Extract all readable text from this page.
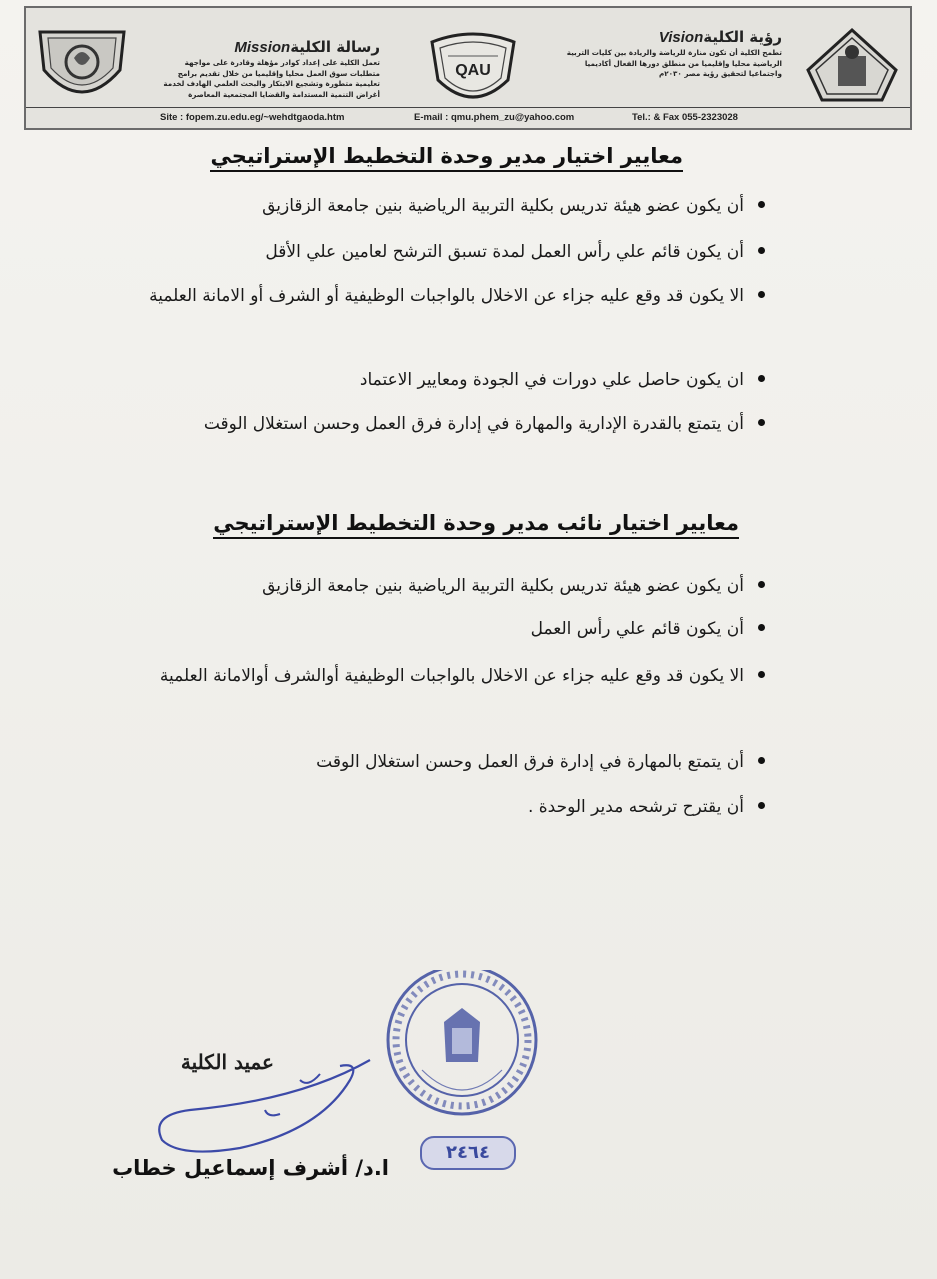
رؤية الكليةVision
تطمح الكلية أن تكون منارة للرياضة والريادة بين كليات التربية الرياضية محليا وإقليميا من منطلق دورها الفعال أكاديميا واجتماعيا لتحقيق رؤية مصر ٢٠٣٠م
QAU
رسالة الكليةMission
تعمل الكلية على إعداد كوادر مؤهلة وقادرة على مواجهة متطلبات سوق العمل محليا وإقليميا من خلال تقديم برامج تعليمية متطورة وتشجيع الابتكار والبحث العلمي الهادف لخدمة أغراض التنمية المستدامة والقضايا المجتمعية المعاصرة
Site : fopem.zu.edu.eg/~wehdtgaoda.htm	E-mail : qmu.phem_zu@yahoo.com	Tel.: & Fax 055-2323028
معايير اختيار مدير وحدة التخطيط الإستراتيجي
أن يكون عضو هيئة تدريس بكلية التربية الرياضية بنين جامعة الزقازيق
أن يكون قائم علي رأس العمل لمدة تسبق الترشح لعامين علي الأقل
الا يكون قد وقع عليه جزاء عن الاخلال بالواجبات الوظيفية أو الشرف أو الامانة العلمية
ان يكون حاصل علي دورات في الجودة ومعايير الاعتماد
أن يتمتع بالقدرة الإدارية والمهارة في إدارة فرق العمل وحسن استغلال الوقت
معايير اختيار نائب مدير وحدة التخطيط الإستراتيجي
أن يكون عضو هيئة تدريس بكلية التربية الرياضية بنين جامعة الزقازيق
أن يكون قائم علي رأس العمل
الا يكون قد وقع عليه جزاء عن الاخلال بالواجبات الوظيفية أوالشرف أوالامانة العلمية
أن يتمتع بالمهارة في إدارة فرق العمل وحسن استغلال الوقت
أن يقترح ترشحه مدير الوحدة .
٢٤٦٤
عميد الكلية
ا.د/ أشرف إسماعيل خطاب
